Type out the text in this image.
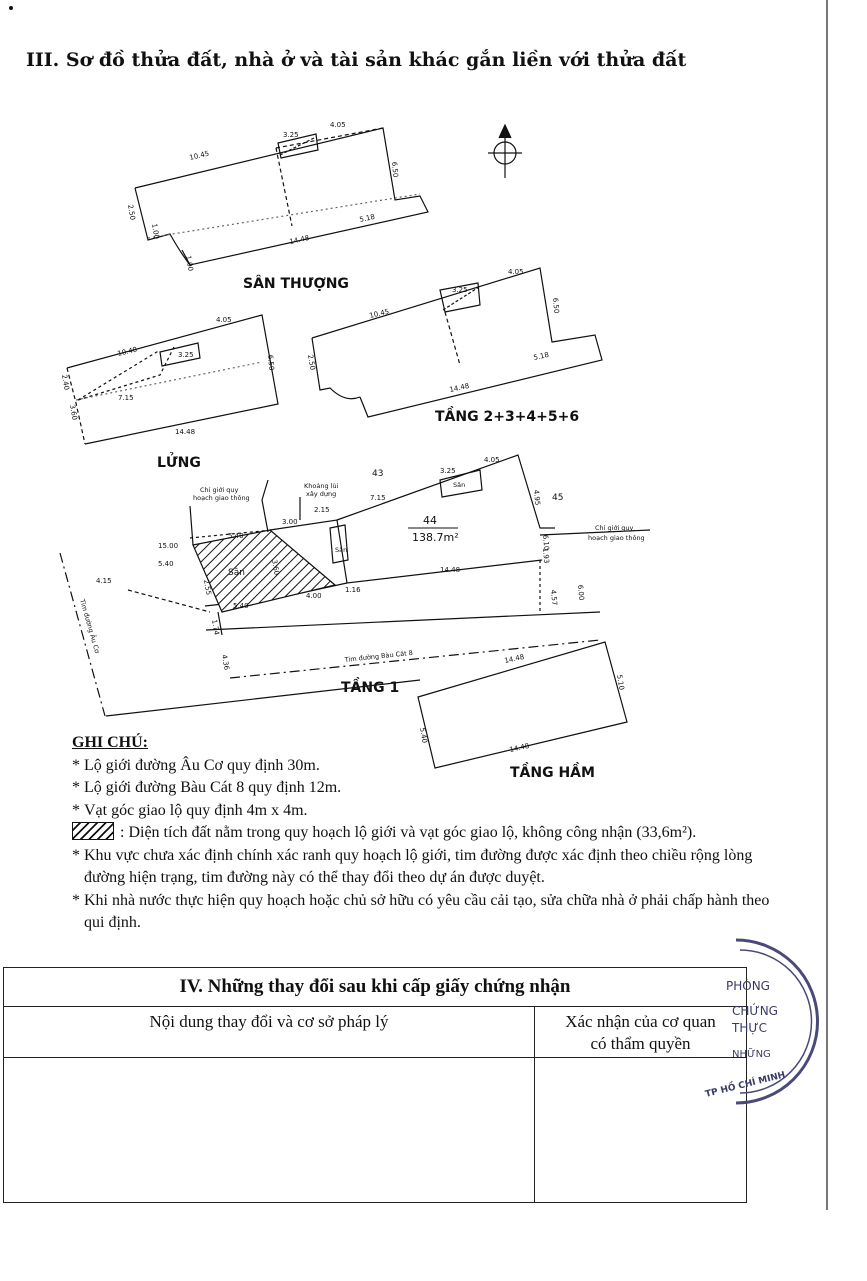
III. Sơ đồ thửa đất, nhà ở và tài sản khác gắn liền với thửa đất
10.45
3.25
4.05
6.50
2.50
1.00
1.00
14.48
5.18
10.45
3.25
4.05
6.50
2.50
14.48
5.18
10.40	3.25
4.05
6.50
2.40
7.15
3.60
14.48
15.00
5.40
5.40
3.00
2.15
7.15
3.25
4.05
4.95
6.10
4.15	2.55
3.60
5.40
4.00
1.16
14.48
1.93
4.57	6.00
1.74
4.36	14.48
5.10
5.40
14.48
Chỉ giới quy
hoạch giao thông
Khoảng lùi
xây dựng
Sân
Sân
Chỉ giới quy
hoạch giao thông
Tim đường Bàu Cát 8
Tim đường Âu Cơ
Sân
44
138.7m²
43
45
SÂN THƯỢNG
TẦNG 2+3+4+5+6
LỬNG
TẦNG 1
TẦNG HẦM
GHI CHÚ:
* Lộ giới đường Âu Cơ quy định 30m.
* Lộ giới đường Bàu Cát 8 quy định 12m.
* Vạt góc giao lộ quy định 4m x 4m.
: Diện tích đất nằm trong quy hoạch lộ giới và vạt góc giao lộ, không công nhận (33,6m²).
* Khu vực chưa xác định chính xác ranh quy hoạch lộ giới, tim đường được xác định theo chiều rộng lòng đường hiện trạng, tim đường này có thể thay đổi theo dự án được duyệt.
* Khi nhà nước thực hiện quy hoạch hoặc chủ sở hữu có yêu cầu cải tạo, sửa chữa nhà ở phải chấp hành theo qui định.
IV. Những thay đổi sau khi cấp giấy chứng nhận	
Nội dung thay đổi và cơ sở pháp lý	Xác nhận của cơ quan
có thẩm quyền

PHÒNG
CHỨNG
THỰC
NHỮNG
TP HỒ CHÍ MINH
